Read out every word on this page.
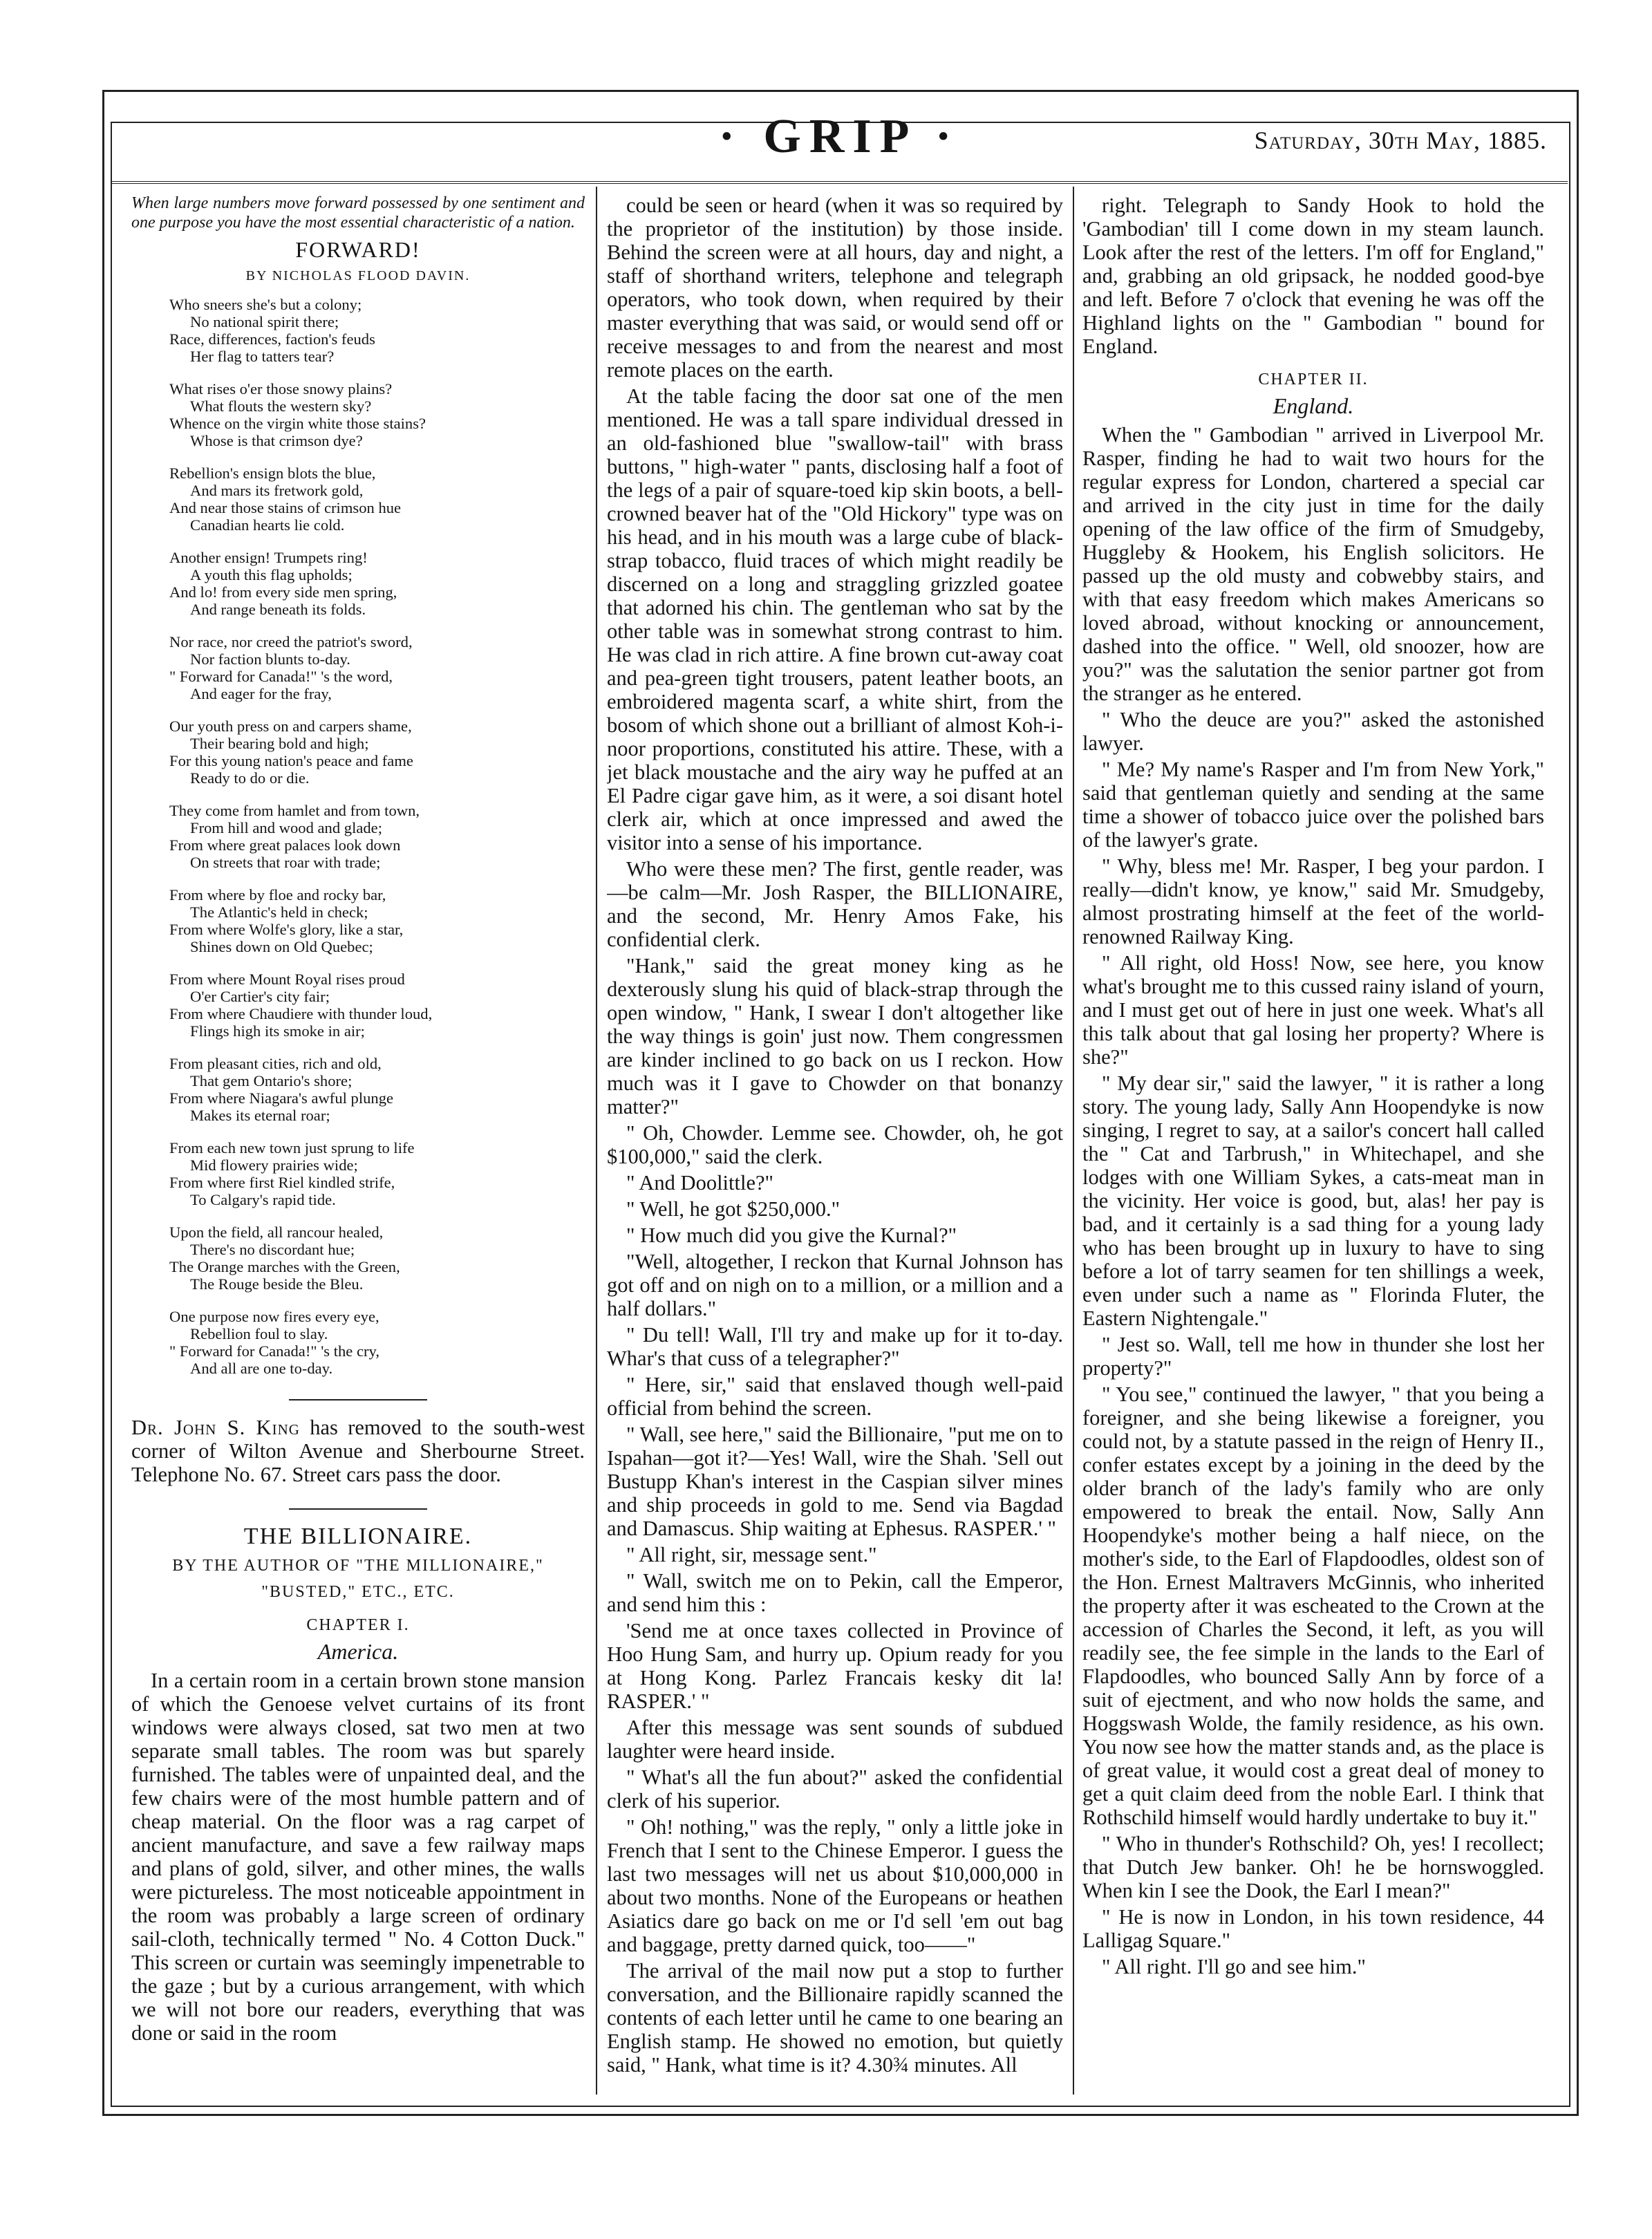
· GRIP ·	Saturday, 30th May, 1885.

When large numbers move forward possessed by one sentiment and one purpose you have the most essential characteristic of a nation.

FORWARD!
BY NICHOLAS FLOOD DAVIN.
Who sneers she's but a colony;
No national spirit there;
Race, differences, faction's feuds
Her flag to tatters tear?
What rises o'er those snowy plains?
What flouts the western sky?
Whence on the virgin white those stains?
Whose is that crimson dye?
Rebellion's ensign blots the blue,
And mars its fretwork gold,
And near those stains of crimson hue
Canadian hearts lie cold.
Another ensign! Trumpets ring!
A youth this flag upholds;
And lo! from every side men spring,
And range beneath its folds.
Nor race, nor creed the patriot's sword,
Nor faction blunts to-day.
" Forward for Canada!" 's the word,
And eager for the fray,
Our youth press on and carpers shame,
Their bearing bold and high;
For this young nation's peace and fame
Ready to do or die.
They come from hamlet and from town,
From hill and wood and glade;
From where great palaces look down
On streets that roar with trade;
From where by floe and rocky bar,
The Atlantic's held in check;
From where Wolfe's glory, like a star,
Shines down on Old Quebec;
From where Mount Royal rises proud
O'er Cartier's city fair;
From where Chaudiere with thunder loud,
Flings high its smoke in air;
From pleasant cities, rich and old,
That gem Ontario's shore;
From where Niagara's awful plunge
Makes its eternal roar;
From each new town just sprung to life
Mid flowery prairies wide;
From where first Riel kindled strife,
To Calgary's rapid tide.
Upon the field, all rancour healed,
There's no discordant hue;
The Orange marches with the Green,
The Rouge beside the Bleu.
One purpose now fires every eye,
Rebellion foul to slay.
" Forward for Canada!" 's the cry,
And all are one to-day.

Dr. John S. King has removed to the south-west corner of Wilton Avenue and Sherbourne Street. Telephone No. 67. Street cars pass the door.

THE BILLIONAIRE.
BY THE AUTHOR OF "THE MILLIONAIRE,"
"BUSTED," ETC., ETC.
CHAPTER I.
America.

In a certain room in a certain brown stone mansion of which the Genoese velvet curtains of its front windows were always closed, sat two men at two separate small tables. The room was but sparely furnished. The tables were of unpainted deal, and the few chairs were of the most humble pattern and of cheap material. On the floor was a rag carpet of ancient manufacture, and save a few railway maps and plans of gold, silver, and other mines, the walls were pictureless. The most noticeable appointment in the room was probably a large screen of ordinary sail-cloth, technically termed " No. 4 Cotton Duck." This screen or curtain was seemingly impenetrable to the gaze ; but by a curious arrangement, with which we will not bore our readers, everything that was done or said in the room

could be seen or heard (when it was so required by the proprietor of the institution) by those inside. Behind the screen were at all hours, day and night, a staff of shorthand writers, telephone and telegraph operators, who took down, when required by their master everything that was said, or would send off or receive messages to and from the nearest and most remote places on the earth.

At the table facing the door sat one of the men mentioned. He was a tall spare individual dressed in an old-fashioned blue "swallow-tail" with brass buttons, " high-water " pants, disclosing half a foot of the legs of a pair of square-toed kip skin boots, a bell-crowned beaver hat of the "Old Hickory" type was on his head, and in his mouth was a large cube of black-strap tobacco, fluid traces of which might readily be discerned on a long and straggling grizzled goatee that adorned his chin. The gentleman who sat by the other table was in somewhat strong contrast to him. He was clad in rich attire. A fine brown cut-away coat and pea-green tight trousers, patent leather boots, an embroidered magenta scarf, a white shirt, from the bosom of which shone out a brilliant of almost Koh-i-noor proportions, constituted his attire. These, with a jet black moustache and the airy way he puffed at an El Padre cigar gave him, as it were, a soi disant hotel clerk air, which at once impressed and awed the visitor into a sense of his importance.

Who were these men? The first, gentle reader, was—be calm—Mr. Josh Rasper, the BILLIONAIRE, and the second, Mr. Henry Amos Fake, his confidential clerk.

"Hank," said the great money king as he dexterously slung his quid of black-strap through the open window, " Hank, I swear I don't altogether like the way things is goin' just now. Them congressmen are kinder inclined to go back on us I reckon. How much was it I gave to Chowder on that bonanzy matter?"

" Oh, Chowder. Lemme see. Chowder, oh, he got $100,000," said the clerk.

" And Doolittle?"

" Well, he got $250,000."

" How much did you give the Kurnal?"

"Well, altogether, I reckon that Kurnal Johnson has got off and on nigh on to a million, or a million and a half dollars."

" Du tell! Wall, I'll try and make up for it to-day. Whar's that cuss of a telegrapher?"

" Here, sir," said that enslaved though well-paid official from behind the screen.

" Wall, see here," said the Billionaire, "put me on to Ispahan—got it?—Yes! Wall, wire the Shah. 'Sell out Bustupp Khan's interest in the Caspian silver mines and ship proceeds in gold to me. Send via Bagdad and Damascus. Ship waiting at Ephesus. RASPER.' "

" All right, sir, message sent."

" Wall, switch me on to Pekin, call the Emperor, and send him this :

'Send me at once taxes collected in Province of Hoo Hung Sam, and hurry up. Opium ready for you at Hong Kong. Parlez Francais kesky dit la! RASPER.' "

After this message was sent sounds of subdued laughter were heard inside.

" What's all the fun about?" asked the confidential clerk of his superior.

" Oh! nothing," was the reply, " only a little joke in French that I sent to the Chinese Emperor. I guess the last two messages will net us about $10,000,000 in about two months. None of the Europeans or heathen Asiatics dare go back on me or I'd sell 'em out bag and baggage, pretty darned quick, too——"

The arrival of the mail now put a stop to further conversation, and the Billionaire rapidly scanned the contents of each letter until he came to one bearing an English stamp. He showed no emotion, but quietly said, " Hank, what time is it? 4.30¾ minutes. All

right. Telegraph to Sandy Hook to hold the 'Gambodian' till I come down in my steam launch. Look after the rest of the letters. I'm off for England," and, grabbing an old gripsack, he nodded good-bye and left. Before 7 o'clock that evening he was off the Highland lights on the " Gambodian " bound for England.

CHAPTER II.
England.

When the " Gambodian " arrived in Liverpool Mr. Rasper, finding he had to wait two hours for the regular express for London, chartered a special car and arrived in the city just in time for the daily opening of the law office of the firm of Smudgeby, Huggleby & Hookem, his English solicitors. He passed up the old musty and cobwebby stairs, and with that easy freedom which makes Americans so loved abroad, without knocking or announcement, dashed into the office. " Well, old snoozer, how are you?" was the salutation the senior partner got from the stranger as he entered.

" Who the deuce are you?" asked the astonished lawyer.

" Me? My name's Rasper and I'm from New York," said that gentleman quietly and sending at the same time a shower of tobacco juice over the polished bars of the lawyer's grate.

" Why, bless me! Mr. Rasper, I beg your pardon. I really—didn't know, ye know," said Mr. Smudgeby, almost prostrating himself at the feet of the world-renowned Railway King.

" All right, old Hoss! Now, see here, you know what's brought me to this cussed rainy island of yourn, and I must get out of here in just one week. What's all this talk about that gal losing her property? Where is she?"

" My dear sir," said the lawyer, " it is rather a long story. The young lady, Sally Ann Hoopendyke is now singing, I regret to say, at a sailor's concert hall called the " Cat and Tarbrush," in Whitechapel, and she lodges with one William Sykes, a cats-meat man in the vicinity. Her voice is good, but, alas! her pay is bad, and it certainly is a sad thing for a young lady who has been brought up in luxury to have to sing before a lot of tarry seamen for ten shillings a week, even under such a name as " Florinda Fluter, the Eastern Nightengale."

" Jest so. Wall, tell me how in thunder she lost her property?"

" You see," continued the lawyer, " that you being a foreigner, and she being likewise a foreigner, you could not, by a statute passed in the reign of Henry II., confer estates except by a joining in the deed by the older branch of the lady's family who are only empowered to break the entail. Now, Sally Ann Hoopendyke's mother being a half niece, on the mother's side, to the Earl of Flapdoodles, oldest son of the Hon. Ernest Maltravers McGinnis, who inherited the property after it was escheated to the Crown at the accession of Charles the Second, it left, as you will readily see, the fee simple in the lands to the Earl of Flapdoodles, who bounced Sally Ann by force of a suit of ejectment, and who now holds the same, and Hoggswash Wolde, the family residence, as his own. You now see how the matter stands and, as the place is of great value, it would cost a great deal of money to get a quit claim deed from the noble Earl. I think that Rothschild himself would hardly undertake to buy it."

" Who in thunder's Rothschild? Oh, yes! I recollect; that Dutch Jew banker. Oh! he be hornswoggled. When kin I see the Dook, the Earl I mean?"

" He is now in London, in his town residence, 44 Lalligag Square."

" All right. I'll go and see him."
